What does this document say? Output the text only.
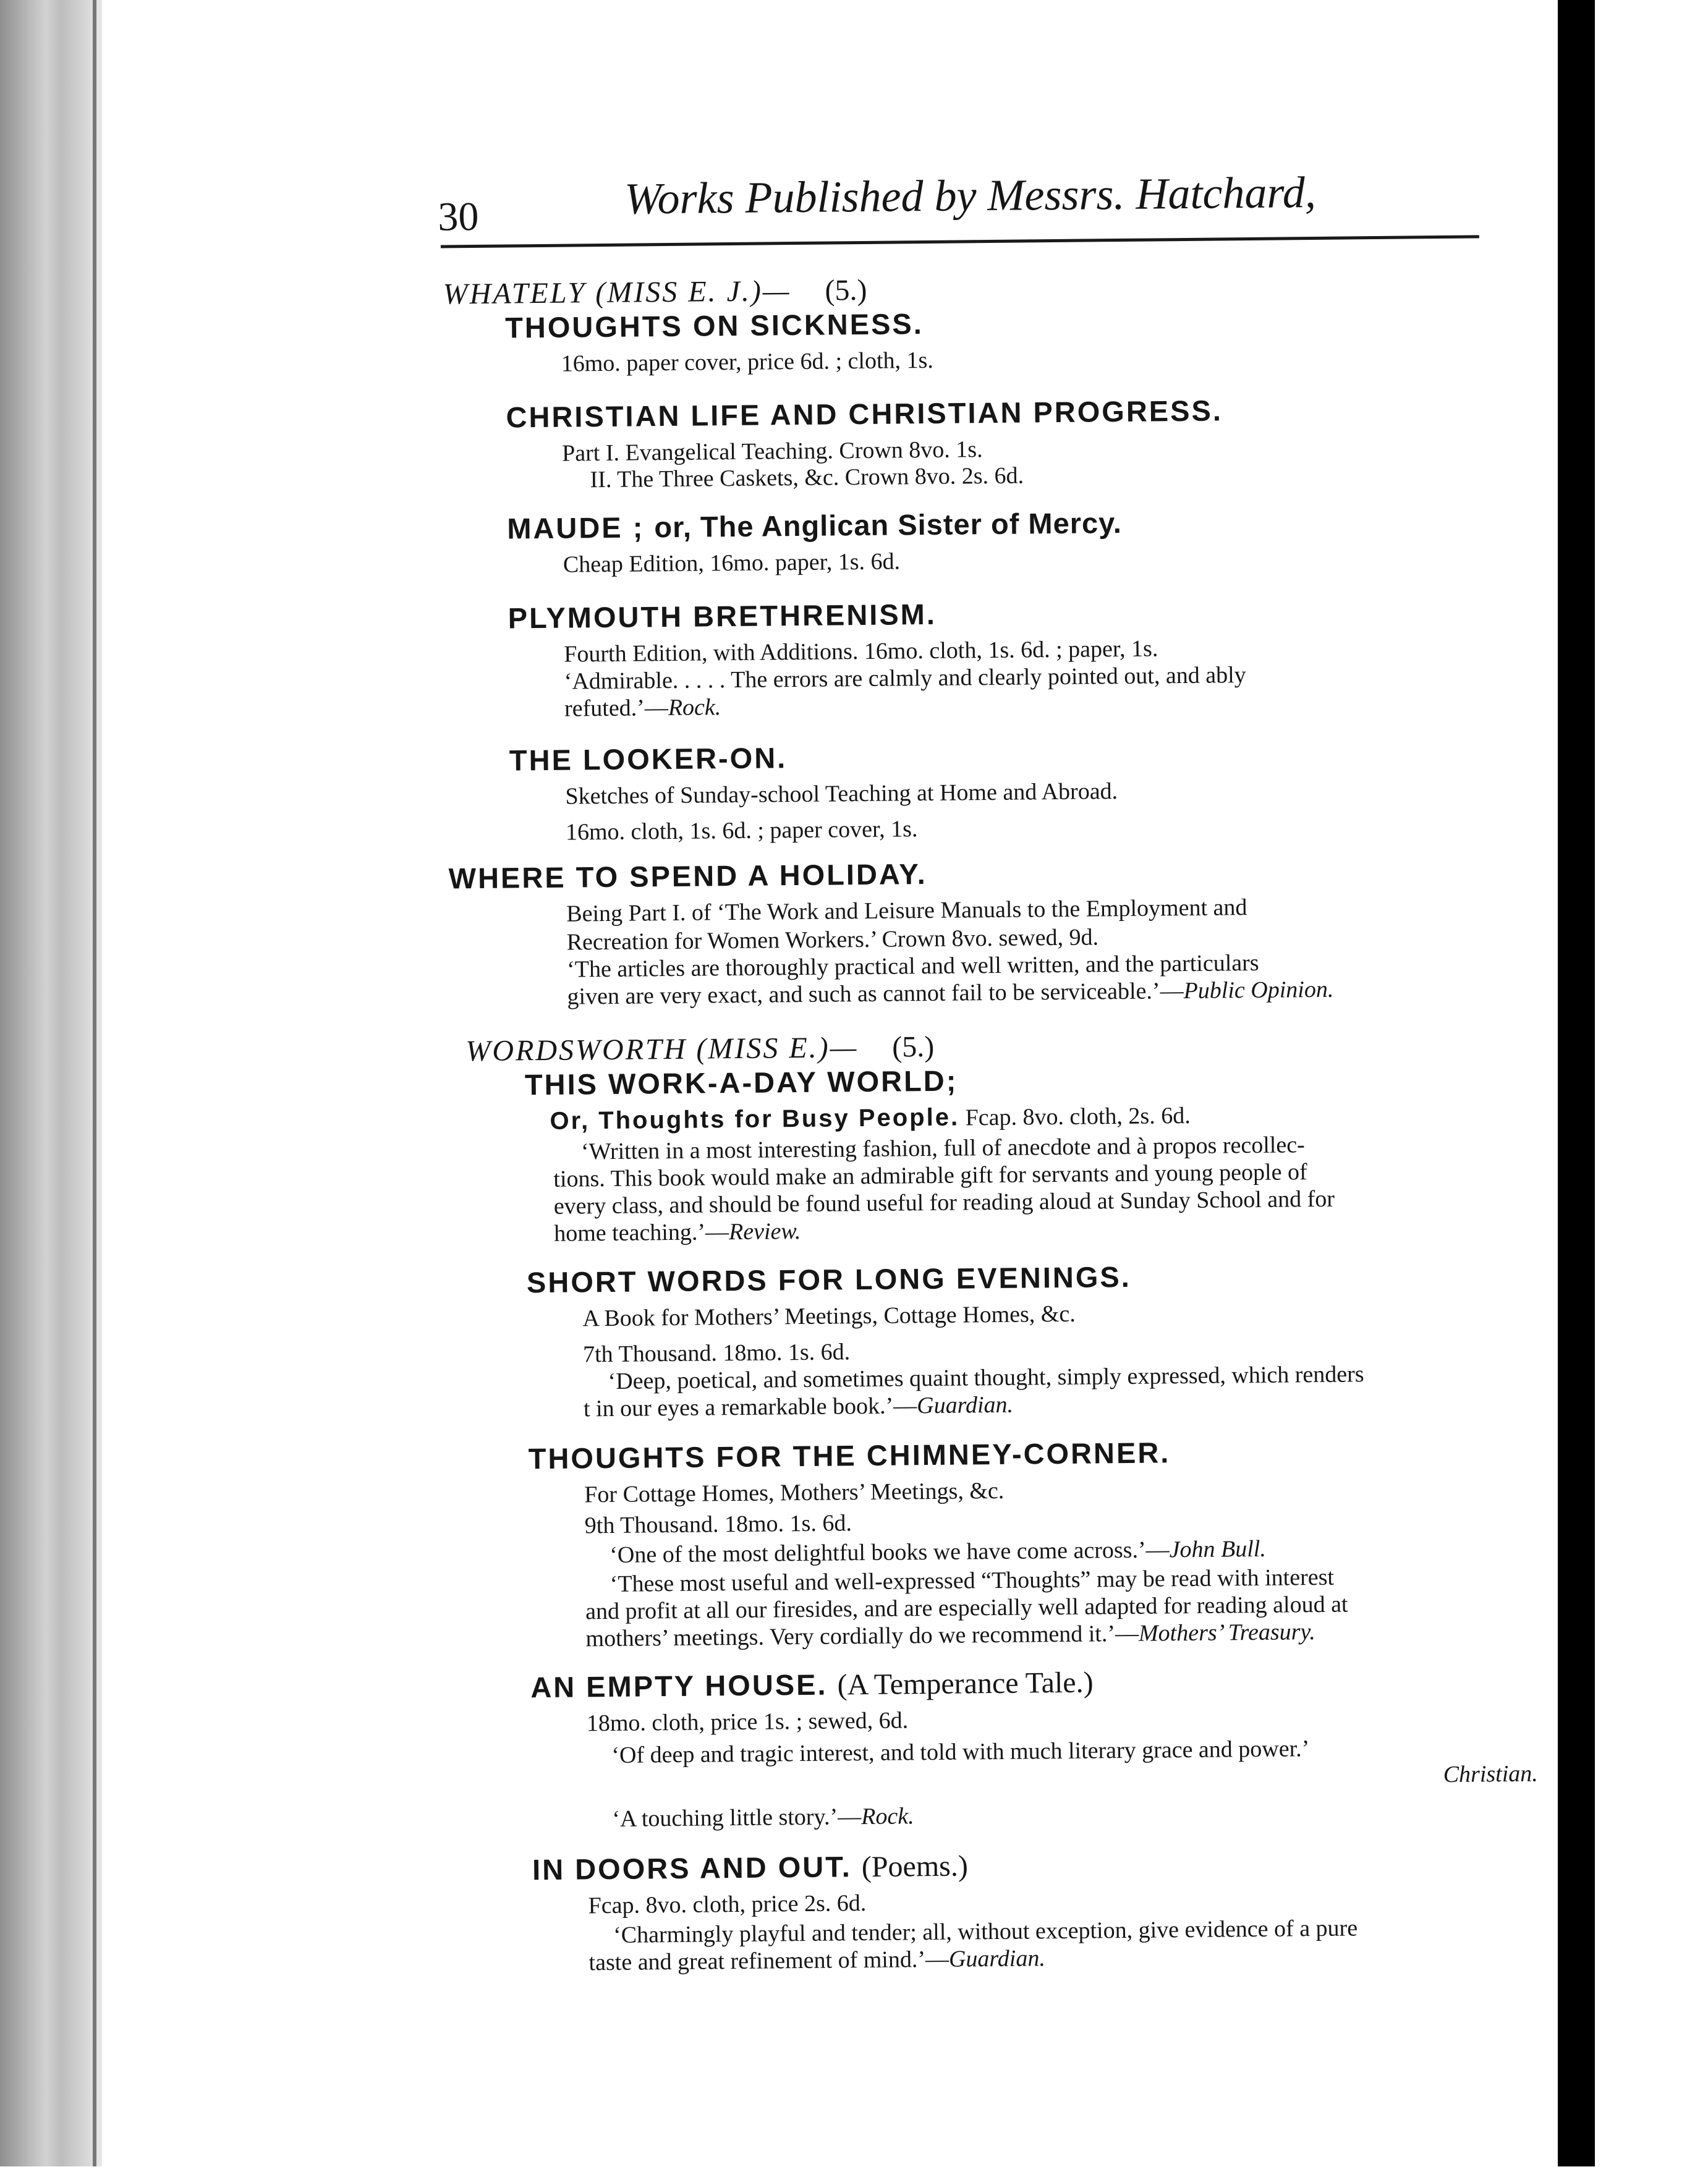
30	Works Published by Messrs. Hatchard,
WHATELY (MISS E. J.)— (5.)
THOUGHTS ON SICKNESS.
16mo. paper cover, price 6d. ; cloth, 1s.
CHRISTIAN LIFE AND CHRISTIAN PROGRESS.
Part I. Evangelical Teaching. Crown 8vo. 1s.
II. The Three Caskets, &c. Crown 8vo. 2s. 6d.
MAUDE ; or, The Anglican Sister of Mercy.
Cheap Edition, 16mo. paper, 1s. 6d.
PLYMOUTH BRETHRENISM.
Fourth Edition, with Additions. 16mo. cloth, 1s. 6d. ; paper, 1s.
‘Admirable. . . . . The errors are calmly and clearly pointed out, and ably
refuted.’—Rock.
THE LOOKER-ON.
Sketches of Sunday-school Teaching at Home and Abroad.
16mo. cloth, 1s. 6d. ; paper cover, 1s.
WHERE TO SPEND A HOLIDAY.
Being Part I. of ‘The Work and Leisure Manuals to the Employment and
Recreation for Women Workers.’ Crown 8vo. sewed, 9d.
‘The articles are thoroughly practical and well written, and the particulars
given are very exact, and such as cannot fail to be serviceable.’—Public Opinion.
WORDSWORTH (MISS E.)— (5.)
THIS WORK-A-DAY WORLD;
Or, Thoughts for Busy People. Fcap. 8vo. cloth, 2s. 6d.
‘Written in a most interesting fashion, full of anecdote and à propos recollec-
tions. This book would make an admirable gift for servants and young people of
every class, and should be found useful for reading aloud at Sunday School and for
home teaching.’—Review.
SHORT WORDS FOR LONG EVENINGS.
A Book for Mothers’ Meetings, Cottage Homes, &c.
7th Thousand. 18mo. 1s. 6d.
‘Deep, poetical, and sometimes quaint thought, simply expressed, which renders
t in our eyes a remarkable book.’—Guardian.
THOUGHTS FOR THE CHIMNEY-CORNER.
For Cottage Homes, Mothers’ Meetings, &c.
9th Thousand. 18mo. 1s. 6d.
‘One of the most delightful books we have come across.’—John Bull.
‘These most useful and well-expressed “Thoughts” may be read with interest
and profit at all our firesides, and are especially well adapted for reading aloud at
mothers’ meetings. Very cordially do we recommend it.’—Mothers’ Treasury.
AN EMPTY HOUSE. (A Temperance Tale.)
18mo. cloth, price 1s. ; sewed, 6d.
‘Of deep and tragic interest, and told with much literary grace and power.’
Christian.
‘A touching little story.’—Rock.
IN DOORS AND OUT. (Poems.)
Fcap. 8vo. cloth, price 2s. 6d.
‘Charmingly playful and tender; all, without exception, give evidence of a pure
taste and great refinement of mind.’—Guardian.
